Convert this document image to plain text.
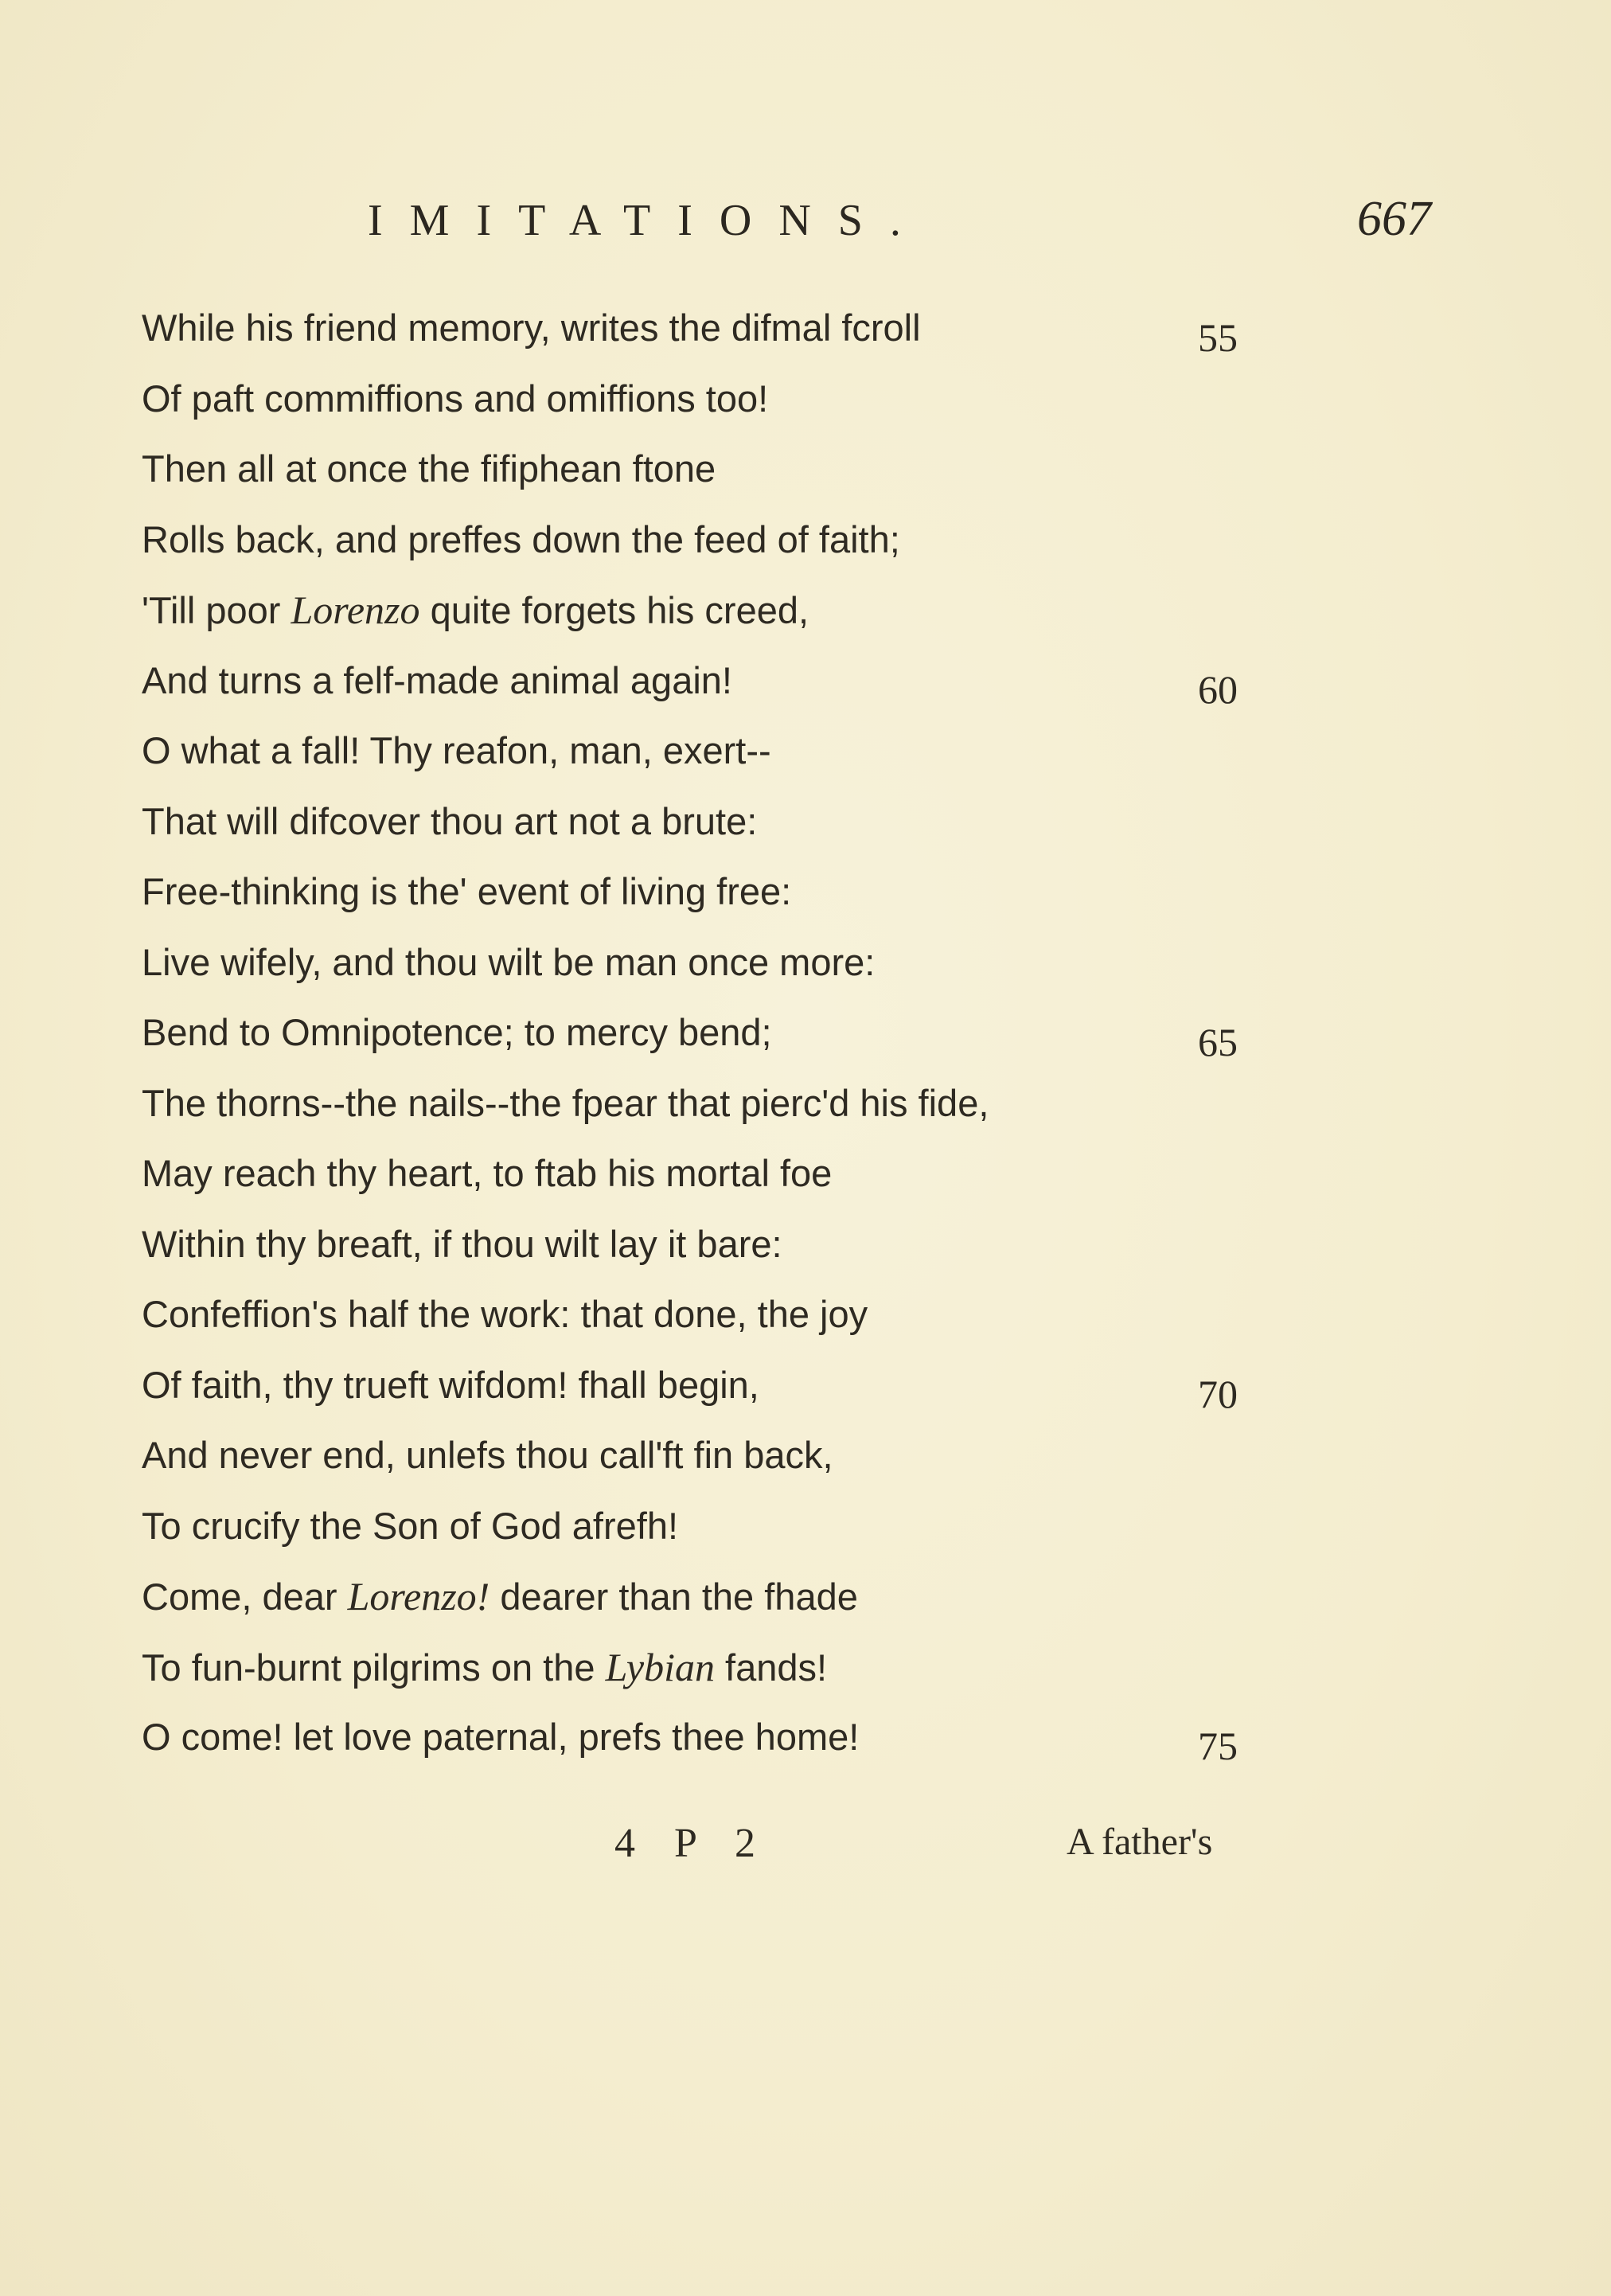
IMITATIONS.	667
While his friend memory, writes the difmal fcroll
Of paft commiffions and omiffions too!
Then all at once the fifiphean ftone
Rolls back, and preffes down the feed of faith;
'Till poor Lorenzo quite forgets his creed,
And turns a felf-made animal again!
O what a fall! Thy reafon, man, exert--
That will difcover thou art not a brute:
Free-thinking is the' event of living free:
Live wifely, and thou wilt be man once more:
Bend to Omnipotence; to mercy bend;
The thorns--the nails--the fpear that pierc'd his fide,
May reach thy heart, to ftab his mortal foe
Within thy breaft, if thou wilt lay it bare:
Confeffion's half the work: that done, the joy
Of faith, thy trueft wifdom! fhall begin,
And never end, unlefs thou call'ft fin back,
To crucify the Son of God afrefh!
Come, dear Lorenzo! dearer than the fhade
To fun-burnt pilgrims on the Lybian fands!
O come! let love paternal, prefs thee home!
55
60
65
70
75
4 P 2	A father's
